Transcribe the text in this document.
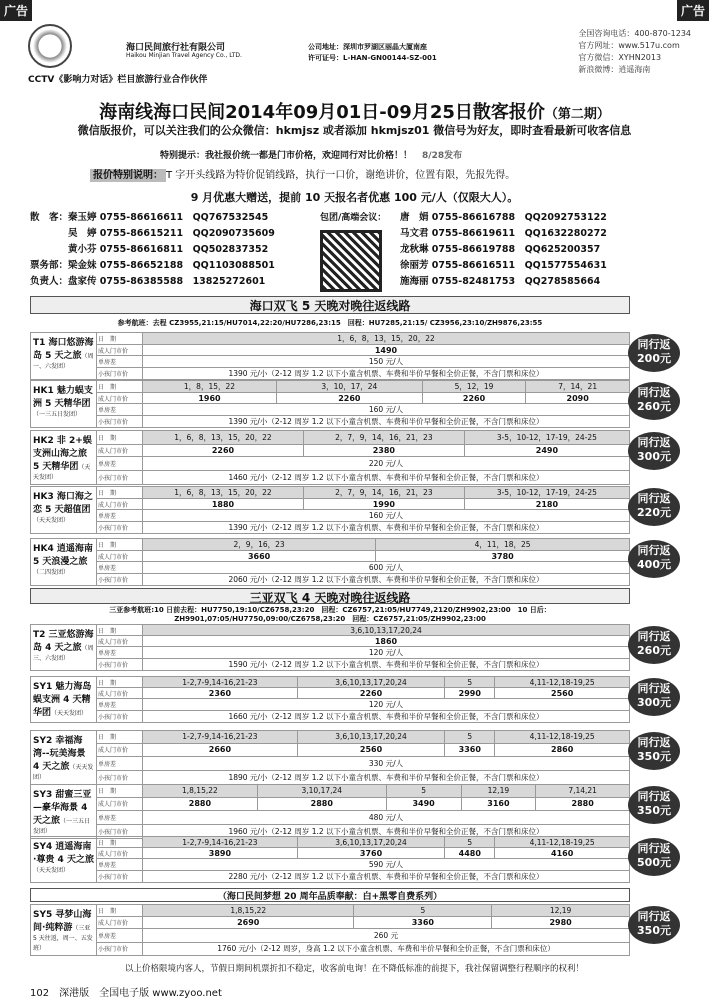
广告	广告
海口民间旅行社有限公司
Haikou Minjian Travel Agency Co., LTD.
CCTV《影响力对话》栏目旅游行业合作伙伴
公司地址：深圳市罗湖区丽晶大厦南座
许可证号：L-HAN-GN00144-SZ-001
全国咨询电话：400-870-1234
官方网址：www.517u.com
官方微信：XYHN2013
新浪微博：逍遥海南
海南线海口民间2014年09月01日-09月25日散客报价（第二期）
微信版报价，可以关注我们的公众微信：hkmjsz 或者添加 hkmjsz01 微信号为好友，即时查看最新可收客信息
特别提示：我社报价统一都是门市价格，欢迎同行对比价格！！ 8/28发布
报价特别说明： T 字开头线路为特价促销线路，执行一口价，谢绝讲价，位置有限，先报先得。
9 月优惠大赠送，提前 10 天报名者优惠 100 元/人（仅限大人）。
散　客：秦玉婷 0755-86616611　QQ767532545
　　　　吴　婷 0755-86615211　QQ2090735609
　　　　黄小芬 0755-86616811　QQ502837352
票务部：梁金妹 0755-86652188　QQ1103088501
负责人：盘家传 0755-86385588　13825272601
包团/高端会议： 唐　娟 0755-86616788　QQ2092753122
马文君 0755-86619611　QQ1632280272
龙秋琳 0755-86619788　QQ625200357
徐丽芳 0755-86616511　QQ1577554631
施海丽 0755-82481753　QQ278585664
海口双飞 5 天晚对晚往返线路
参考航班：去程 CZ3955,21:15/HU7014,22:20/HU7286,23:15　回程：HU7285,21:15/ CZ3956,23:10/ZH9876,23:55
三亚双飞 4 天晚对晚往返线路
三亚参考航班:10 日前去程：HU7750,19:10/CZ6758,23:20　回程：CZ6757,21:05/HU7749,2120/ZH9902,23:00　10 日后：ZH9901,07:05/HU7750,09:00/CZ6758,23:20　回程：CZ6757,21:05/ZH9902,23:00
（海口民间梦想 20 周年品质奉献：白+黑零自费系列）
T1 海口悠游海岛 5 天之旅（周一、六发团）	日　期	1，6，8，13，15，20，22
	成人门市价	1490
	单房差	150 元/人
	小孩门市价	1390 元/小（2-12 周岁 1.2 以下小童含机票、车费和半价早餐和全价正餐，不含门票和床位）
同行返 200元
HK1 魅力蜈支洲 5 天精华团（一三五日发团）	日　期	1，8，15，22	3，10，17，24	5，12，19	7，14，21
	成人门市价	1960	2260	2260	2090
	单房差	160 元/人			
	小孩门市价	1390 元/小（2-12 周岁 1.2 以下小童含机票、车费和半价早餐和全价正餐，不含门票和床位）			
同行返 260元
HK2 非 2+蜈支洲山海之旅 5 天精华团（天天发团）	日　期	1，6，8，13，15，20，22	2，7，9，14，16，21，23	3-5，10-12，17-19，24-25
	成人门市价	2260	2380	2490
	单房差	220 元/人		
	小孩门市价	1460 元/小（2-12 周岁 1.2 以下小童含机票、车费和半价早餐和全价正餐，不含门票和床位）		
同行返 300元
HK3 海口海之恋 5 天超值团（天天发团）	日　期	1，6，8，13，15，20，22	2，7，9，14，16，21，23	3-5，10-12，17-19，24-25
	成人门市价	1880	1990	2180
	单房差	160 元/人		
	小孩门市价	1390 元/小（2-12 周岁 1.2 以下小童含机票、车费和半价早餐和全价正餐，不含门票和床位）		
同行返 220元
HK4 逍遥海南 5 天浪漫之旅（二四发团）	日　期	2，9，16，23	4，11，18，25
	成人门市价	3660	3780
	单房差	600 元/人	
	小孩门市价	2060 元/小（2-12 周岁 1.2 以下小童含机票、车费和半价早餐和全价正餐，不含门票和床位）	
同行返 400元
T2 三亚悠游海岛 4 天之旅（周三、六发团）	日　期	3,6,10,13,17,20,24
	成人门市价	1860
	单房差	120 元/人
	小孩门市价	1590 元/小（2-12 周岁 1.2 以下小童含机票、车费和半价早餐和全价正餐，不含门票和床位）
同行返 260元
SY1 魅力海岛蜈支洲 4 天精华团（天天发团）	日　期	1-2,7-9,14-16,21-23	3,6,10,13,17,20,24	5	4,11-12,18-19,25
	成人门市价	2360	2260	2990	2560
	单房差	120 元/人			
	小孩门市价	1660 元/小（2-12 周岁 1.2 以下小童含机票、车费和半价早餐和全价正餐，不含门票和床位）			
同行返 300元
SY2 幸福海湾--玩美海景 4 天之旅（天天发团）	日　期	1-2,7-9,14-16,21-23	3,6,10,13,17,20,24	5	4,11-12,18-19,25
	成人门市价	2660	2560	3360	2860
	单房差	330 元/人			
	小孩门市价	1890 元/小（2-12 周岁 1.2 以下小童含机票、车费和半价早餐和全价正餐，不含门票和床位）			
同行返 350元
SY3 甜蜜三亚—豪华海景 4 天之旅（一三五日发团）	日　期	1,8,15,22	3,10,17,24	5	12,19	7,14,21
	成人门市价	2880	2880	3490	3160	2880
	单房差	480 元/人				
	小孩门市价	1960 元/小（2-12 周岁 1.2 以下小童含机票、车费和半价早餐和全价正餐，不含门票和床位）				
同行返 350元
SY4 逍遥海南·尊贵 4 天之旅（天天发团）	日　期	1-2,7-9,14-16,21-23	3,6,10,13,17,20,24	5	4,11-12,18-19,25
	成人门市价	3890	3760	4480	4160
	单房差	590 元/人			
	小孩门市价	2280 元/小（2-12 周岁 1.2 以下小童含机票、车费和半价早餐和全价正餐，不含门票和床位）			
同行返 500元
SY5 寻梦山海间·纯粹游（三亚 5 天往返，周一、五发班）	日　期	1,8,15,22	5	12,19
	成人门市价	2690	3360	2980
	单房差	260 元		
	小孩门市价	1760 元/小（2-12 周岁，身高 1.2 以下小童含机票、车费和半价早餐和全价正餐，不含门票和床位）		
同行返 350元
以上价格限境内客人，节假日期间机票折扣不稳定，收客前电询！在不降低标准的前提下，我社保留调整行程顺序的权利！
102　深港版　全国电子版 www.zyoo.net
